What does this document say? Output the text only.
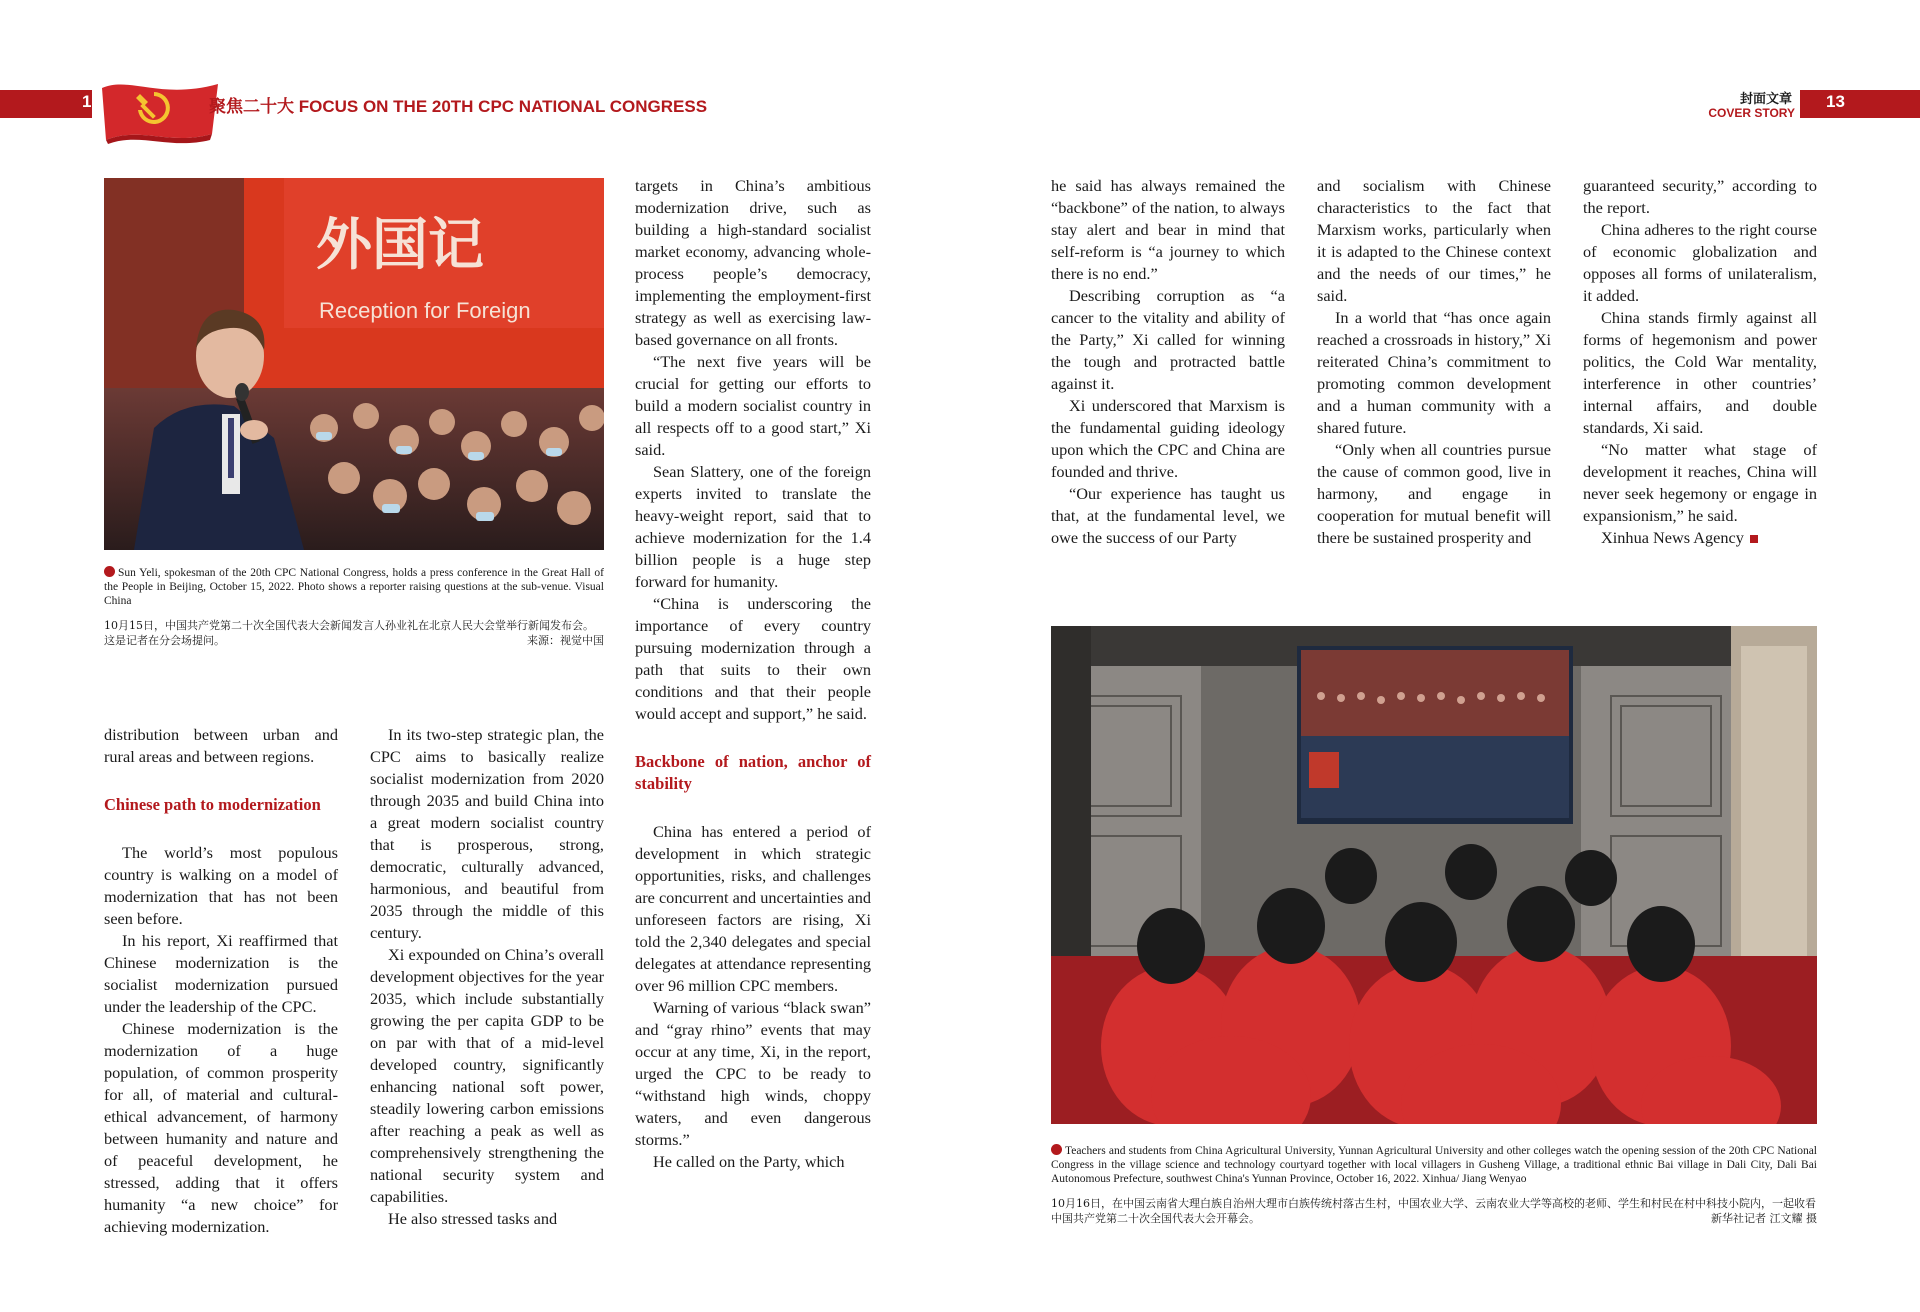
12	聚焦二十大 FOCUS ON THE 20TH CPC NATIONAL CONGRESS	封面文章
COVER STORY
13
外国记
Reception for Foreign
Sun Yeli, spokesman of the 20th CPC National Congress, holds a press conference in the Great Hall of the People in Beijing, October 15, 2022. Photo shows a reporter raising questions at the sub-venue. Visual China
10月15日，中国共产党第二十次全国代表大会新闻发言人孙业礼在北京人民大会堂举行新闻发布会。这是记者在分会场提问。	来源：视觉中国

distribution between urban and rural areas and between regions.

Chinese path to modernization

The world’s most populous country is walking on a model of modernization that has not been seen before.

In his report, Xi reaffirmed that Chinese modernization is the socialist modernization pursued under the leadership of the CPC.

Chinese modernization is the modernization of a huge population, of common prosperity for all, of material and cultural-ethical advancement, of harmony between humanity and nature and of peaceful development, he stressed, adding that it offers humanity “a new choice” for achieving modernization.

In its two-step strategic plan, the CPC aims to basically realize socialist modernization from 2020 through 2035 and build China into a great modern socialist country that is prosperous, strong, democratic, culturally advanced, harmonious, and beautiful from 2035 through the middle of this century.

Xi expounded on China’s overall development objectives for the year 2035, which include substantially growing the per capita GDP to be on par with that of a mid-level developed country, significantly enhancing national soft power, steadily lowering carbon emissions after reaching a peak as well as comprehensively strengthening the national security system and capabilities.

He also stressed tasks and

targets in China’s ambitious modernization drive, such as building a high-standard socialist market economy, advancing whole-process people’s democracy, implementing the employment-first strategy as well as exercising law-based governance on all fronts.

“The next five years will be crucial for getting our efforts to build a modern socialist country in all respects off to a good start,” Xi said.

Sean Slattery, one of the foreign experts invited to translate the heavy-weight report, said that to achieve modernization for the 1.4 billion people is a huge step forward for humanity.

“China is underscoring the importance of every country pursuing modernization through a path that suits to their own conditions and that their people would accept and support,” he said.

Backbone of nation, anchor of stability

China has entered a period of development in which strategic opportunities, risks, and challenges are concurrent and uncertainties and unforeseen factors are rising, Xi told the 2,340 delegates and special delegates at attendance representing over 96 million CPC members.

Warning of various “black swan” and “gray rhino” events that may occur at any time, Xi, in the report, urged the CPC to be ready to “withstand high winds, choppy waters, and even dangerous storms.”

He called on the Party, which

he said has always remained the “backbone” of the nation, to always stay alert and bear in mind that self-reform is “a journey to which there is no end.”

Describing corruption as “a cancer to the vitality and ability of the Party,” Xi called for winning the tough and protracted battle against it.

Xi underscored that Marxism is the fundamental guiding ideology upon which the CPC and China are founded and thrive.

“Our experience has taught us that, at the fundamental level, we owe the success of our Party

and socialism with Chinese characteristics to the fact that Marxism works, particularly when it is adapted to the Chinese context and the needs of our times,” he said.

In a world that “has once again reached a crossroads in history,” Xi reiterated China’s commitment to promoting common development and a human community with a shared future.

“Only when all countries pursue the cause of common good, live in harmony, and engage in cooperation for mutual benefit will there be sustained prosperity and

guaranteed security,” according to the report.

China adheres to the right course of economic globalization and opposes all forms of unilateralism, it added.

China stands firmly against all forms of hegemonism and power politics, the Cold War mentality, interference in other countries’ internal affairs, and double standards, Xi said.

“No matter what stage of development it reaches, China will never seek hegemony or engage in expansionism,” he said.

Xinhua News Agency

Teachers and students from China Agricultural University, Yunnan Agricultural University and other colleges watch the opening session of the 20th CPC National Congress in the village science and technology courtyard together with local villagers in Gusheng Village, a traditional ethnic Bai village in Dali City, Dali Bai Autonomous Prefecture, southwest China's Yunnan Province, October 16, 2022. Xinhua/ Jiang Wenyao
10月16日，在中国云南省大理白族自治州大理市白族传统村落古生村，中国农业大学、云南农业大学等高校的老师、学生和村民在村中科技小院内，一起收看中国共产党第二十次全国代表大会开幕会。	新华社记者 江文耀 摄
